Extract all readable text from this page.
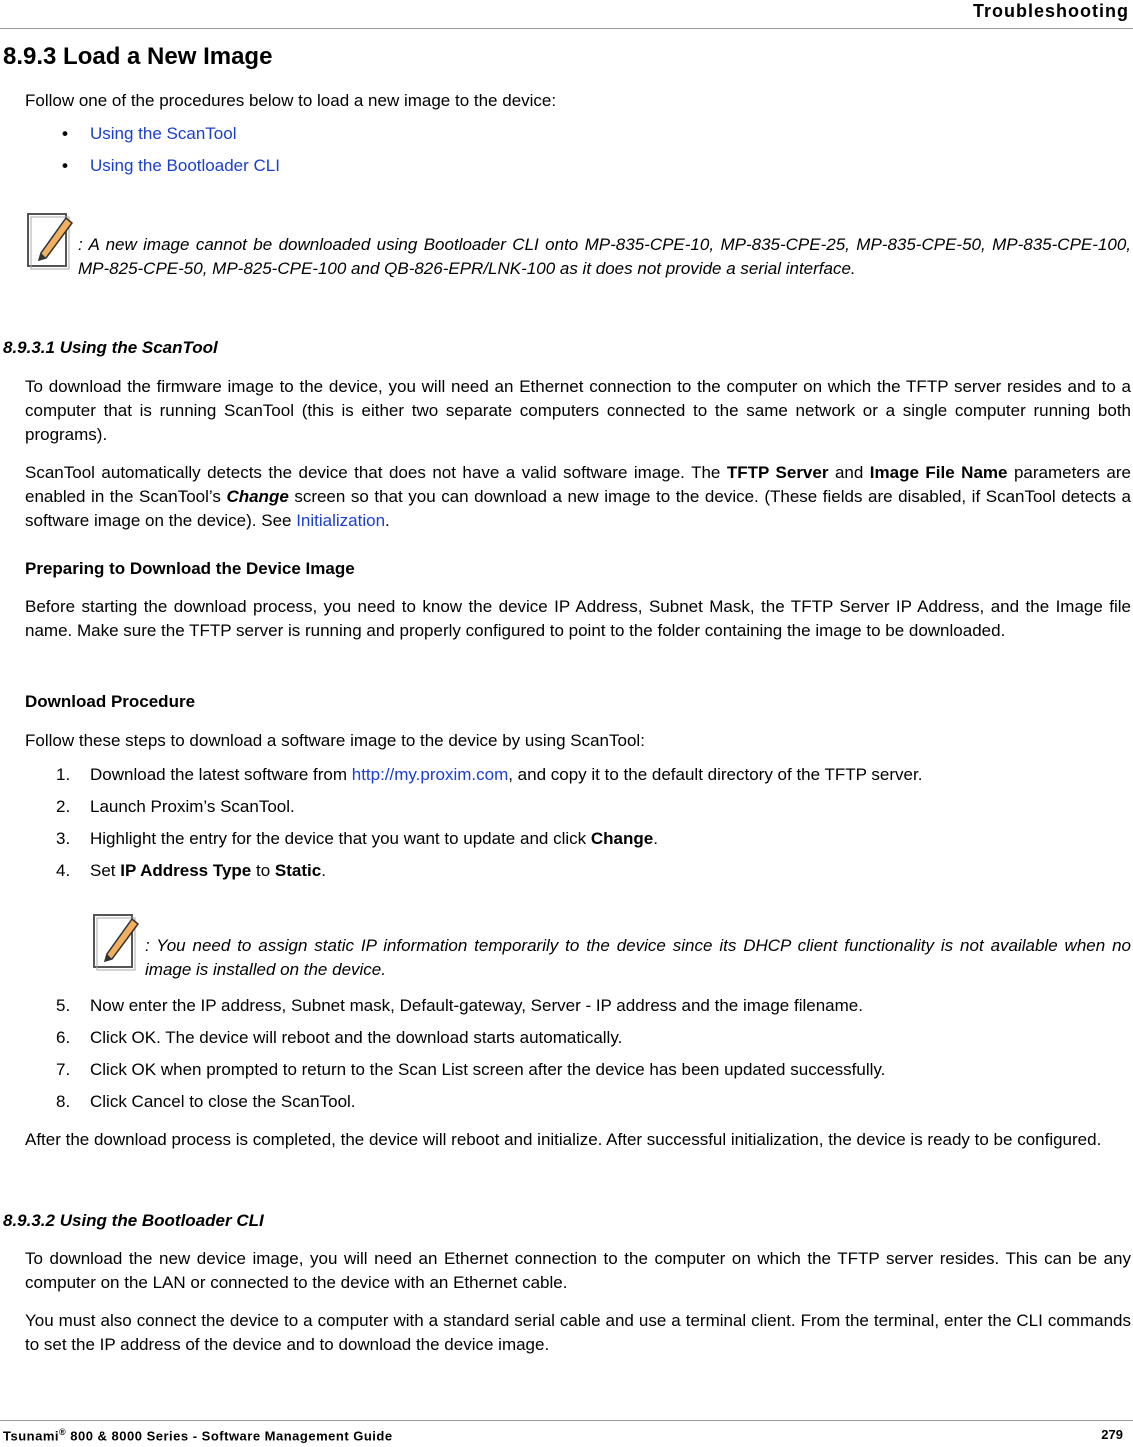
Troubleshooting
8.9.3 Load a New Image
Follow one of the procedures below to load a new image to the device:
• Using the ScanTool
• Using the Bootloader CLI
: A new image cannot be downloaded using Bootloader CLI onto MP-835-CPE-10, MP-835-CPE-25, MP-835-CPE-50, MP-835-CPE-100, MP-825-CPE-50, MP-825-CPE-100 and QB-826-EPR/LNK-100 as it does not provide a serial interface.
8.9.3.1 Using the ScanTool
To download the firmware image to the device, you will need an Ethernet connection to the computer on which the TFTP server resides and to a computer that is running ScanTool (this is either two separate computers connected to the same network or a single computer running both programs).
ScanTool automatically detects the device that does not have a valid software image. The TFTP Server and Image File Name parameters are enabled in the ScanTool’s Change screen so that you can download a new image to the device. (These fields are disabled, if ScanTool detects a software image on the device). See Initialization.
Preparing to Download the Device Image
Before starting the download process, you need to know the device IP Address, Subnet Mask, the TFTP Server IP Address, and the Image file name. Make sure the TFTP server is running and properly configured to point to the folder containing the image to be downloaded.
Download Procedure
Follow these steps to download a software image to the device by using ScanTool:
1. Download the latest software from http://my.proxim.com, and copy it to the default directory of the TFTP server.
2. Launch Proxim’s ScanTool.
3. Highlight the entry for the device that you want to update and click Change.
4. Set IP Address Type to Static.
: You need to assign static IP information temporarily to the device since its DHCP client functionality is not available when no image is installed on the device.
5. Now enter the IP address, Subnet mask, Default-gateway, Server - IP address and the image filename.
6. Click OK. The device will reboot and the download starts automatically.
7. Click OK when prompted to return to the Scan List screen after the device has been updated successfully.
8. Click Cancel to close the ScanTool.
After the download process is completed, the device will reboot and initialize. After successful initialization, the device is ready to be configured.
8.9.3.2 Using the Bootloader CLI
To download the new device image, you will need an Ethernet connection to the computer on which the TFTP server resides. This can be any computer on the LAN or connected to the device with an Ethernet cable.
You must also connect the device to a computer with a standard serial cable and use a terminal client. From the terminal, enter the CLI commands to set the IP address of the device and to download the device image.
Tsunami® 800 & 8000 Series - Software Management Guide	279
